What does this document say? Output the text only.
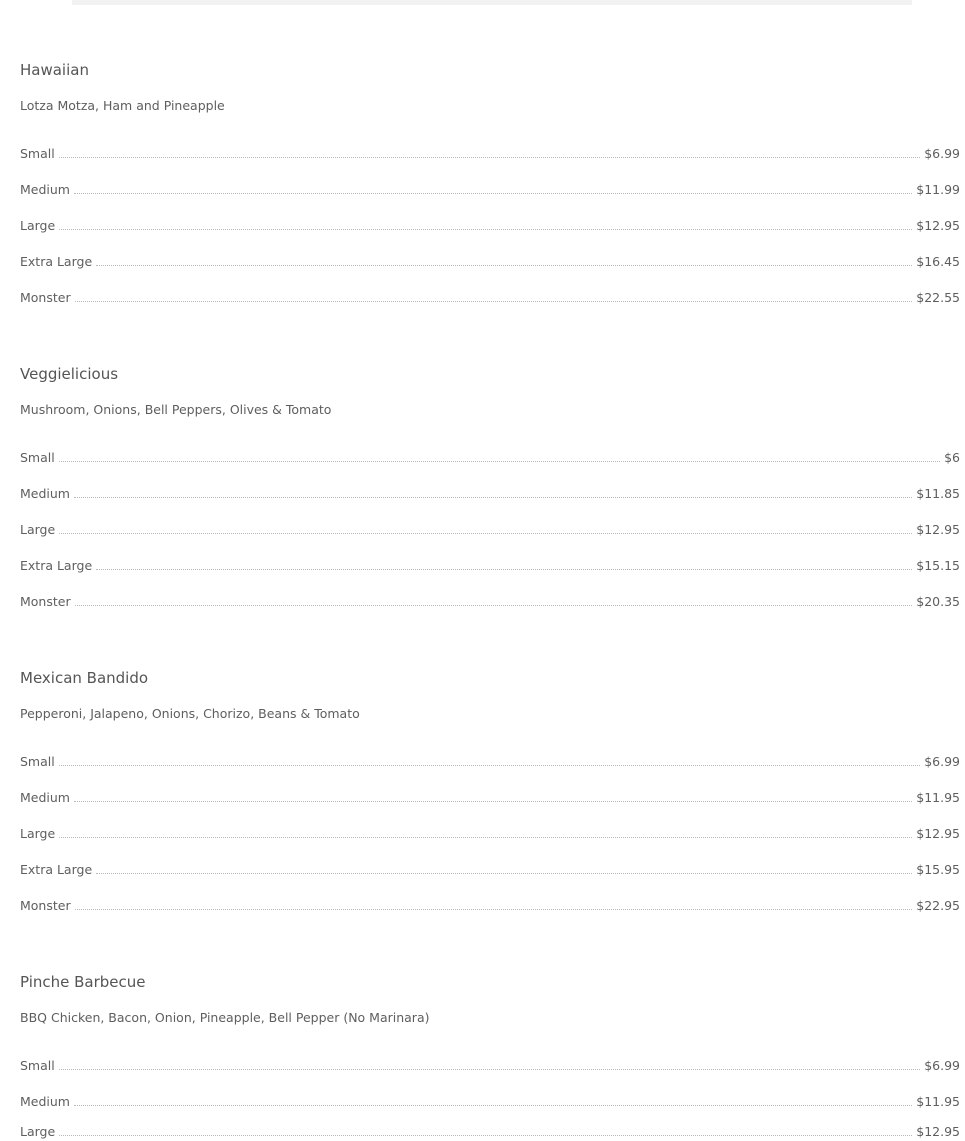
Hawaiian
Lotza Motza, Ham and Pineapple
Small	$6.99
Medium	$11.99
Large	$12.95
Extra Large	$16.45
Monster	$22.55
Veggielicious
Mushroom, Onions, Bell Peppers, Olives & Tomato
Small	$6
Medium	$11.85
Large	$12.95
Extra Large	$15.15
Monster	$20.35
Mexican Bandido
Pepperoni, Jalapeno, Onions, Chorizo, Beans & Tomato
Small	$6.99
Medium	$11.95
Large	$12.95
Extra Large	$15.95
Monster	$22.95
Pinche Barbecue
BBQ Chicken, Bacon, Onion, Pineapple, Bell Pepper (No Marinara)
Small	$6.99
Medium	$11.95
Large	$12.95
